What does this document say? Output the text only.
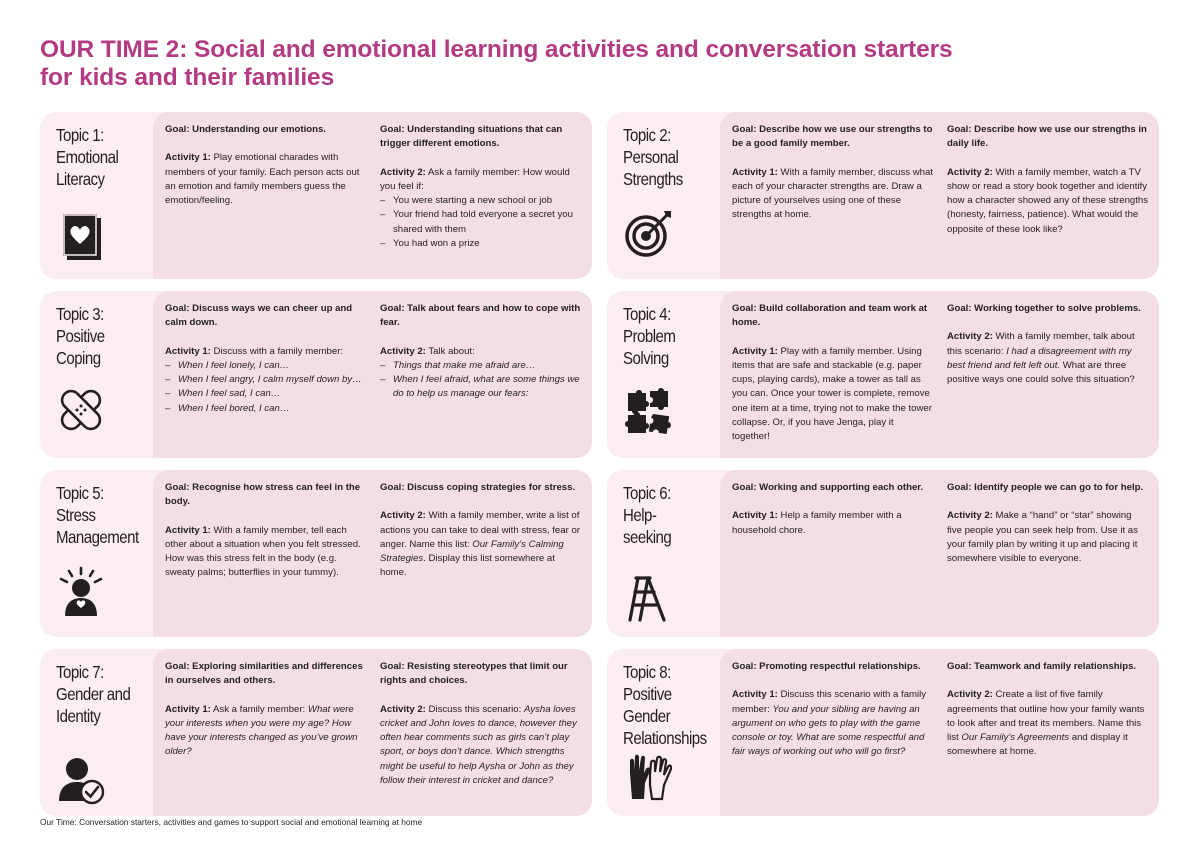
OUR TIME 2: Social and emotional learning activities and conversation starters
for kids and their families
Topic 1:
Emotional
Literacy
Goal: Understanding our emotions.
Activity 1: Play emotional charades with members of your family. Each person acts out an emotion and family members guess the emotion/feeling.
Goal: Understanding situations that can trigger different emotions.
Activity 2: Ask a family member: How would you feel if:
– You were starting a new school or job
– Your friend had told everyone a secret you shared with them
– You had won a prize
Topic 2:
Personal
Strengths
Goal: Describe how we use our strengths to be a good family member.
Activity 1: With a family member, discuss what each of your character strengths are. Draw a picture of yourselves using one of these strengths at home.
Goal: Describe how we use our strengths in daily life.
Activity 2: With a family member, watch a TV show or read a story book together and identify how a character showed any of these strengths (honesty, fairness, patience). What would the opposite of these look like?
Topic 3:
Positive
Coping
Goal: Discuss ways we can cheer up and calm down.
Activity 1: Discuss with a family member:
– When I feel lonely, I can…
– When I feel angry, I calm myself down by…
– When I feel sad, I can…
– When I feel bored, I can…
Goal: Talk about fears and how to cope with fear.
Activity 2: Talk about:
– Things that make me afraid are…
– When I feel afraid, what are some things we do to help us manage our fears:
Topic 4:
Problem
Solving
Goal: Build collaboration and team work at home.
Activity 1: Play with a family member. Using items that are safe and stackable (e.g. paper cups, playing cards), make a tower as tall as you can. Once your tower is complete, remove one item at a time, trying not to make the tower collapse. Or, if you have Jenga, play it together!
Goal: Working together to solve problems.
Activity 2: With a family member, talk about this scenario: I had a disagreement with my best friend and felt left out. What are three positive ways one could solve this situation?
Topic 5:
Stress
Management
Goal: Recognise how stress can feel in the body.
Activity 1: With a family member, tell each other about a situation when you felt stressed. How was this stress felt in the body (e.g. sweaty palms; butterflies in your tummy).
Goal: Discuss coping strategies for stress.
Activity 2: With a family member, write a list of actions you can take to deal with stress, fear or anger. Name this list: Our Family’s Calming Strategies. Display this list somewhere at home.
Topic 6:
Help-
seeking
Goal: Working and supporting each other.
Activity 1: Help a family member with a household chore.
Goal: Identify people we can go to for help.
Activity 2: Make a “hand” or “star” showing five people you can seek help from. Use it as your family plan by writing it up and placing it somewhere visible to everyone.
Topic 7:
Gender and
Identity
Goal: Exploring similarities and differences in ourselves and others.
Activity 1: Ask a family member: What were your interests when you were my age? How have your interests changed as you’ve grown older?
Goal: Resisting stereotypes that limit our rights and choices.
Activity 2: Discuss this scenario: Aysha loves cricket and John loves to dance, however they often hear comments such as girls can’t play sport, or boys don’t dance. Which strengths might be useful to help Aysha or John as they follow their interest in cricket and dance?
Topic 8:
Positive
Gender
Relationships
Goal: Promoting respectful relationships.
Activity 1: Discuss this scenario with a family member: You and your sibling are having an argument on who gets to play with the game console or toy. What are some respectful and fair ways of working out who will go first?
Goal: Teamwork and family relationships.
Activity 2: Create a list of five family agreements that outline how your family wants to look after and treat its members. Name this list Our Family’s Agreements and display it somewhere at home.
Our Time: Conversation starters, activities and games to support social and emotional learning at home
